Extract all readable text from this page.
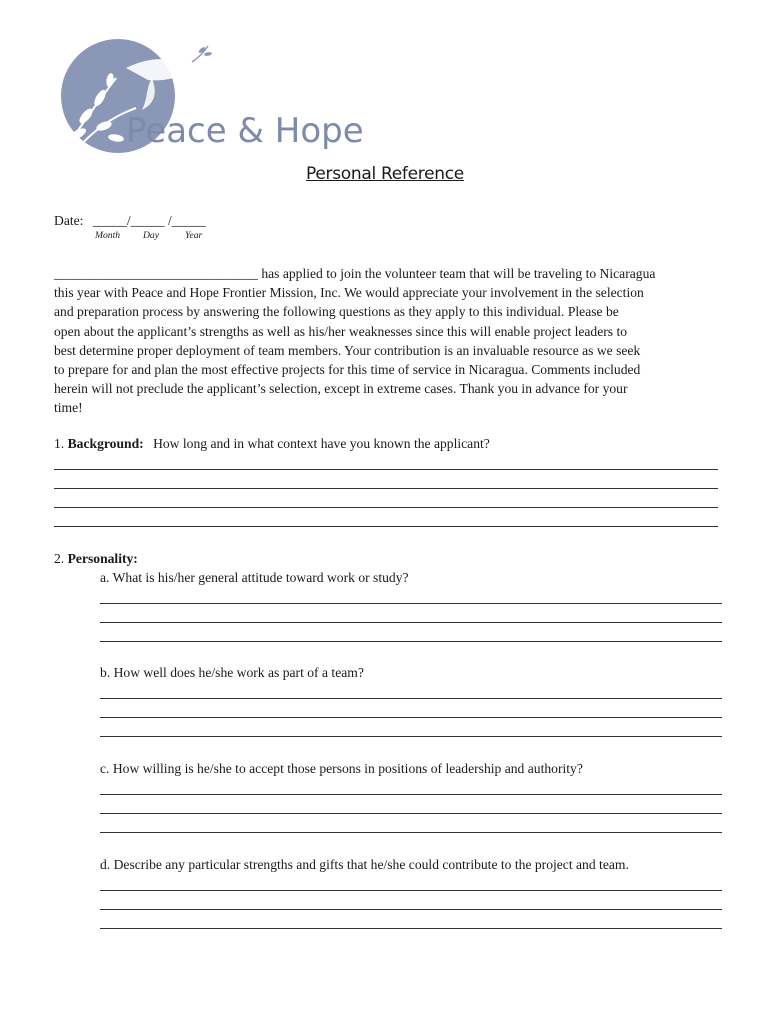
Peace & Hope
Personal Reference
Date: _____/_____ /_____
Month Day	Year
______________________________ has applied to join the volunteer team that will be traveling to Nicaragua
this year with Peace and Hope Frontier Mission, Inc. We would appreciate your involvement in the selection
and preparation process by answering the following questions as they apply to this individual. Please be
open about the applicant’s strengths as well as his/her weaknesses since this will enable project leaders to
best determine proper deployment of team members. Your contribution is an invaluable resource as we seek
to prepare for and plan the most effective projects for this time of service in Nicaragua. Comments included
herein will not preclude the applicant’s selection, except in extreme cases. Thank you in advance for your
time!
1. Background: How long and in what context have you known the applicant?
2. Personality:
a. What is his/her general attitude toward work or study?
b. How well does he/she work as part of a team?
c. How willing is he/she to accept those persons in positions of leadership and authority?
d. Describe any particular strengths and gifts that he/she could contribute to the project and team.
